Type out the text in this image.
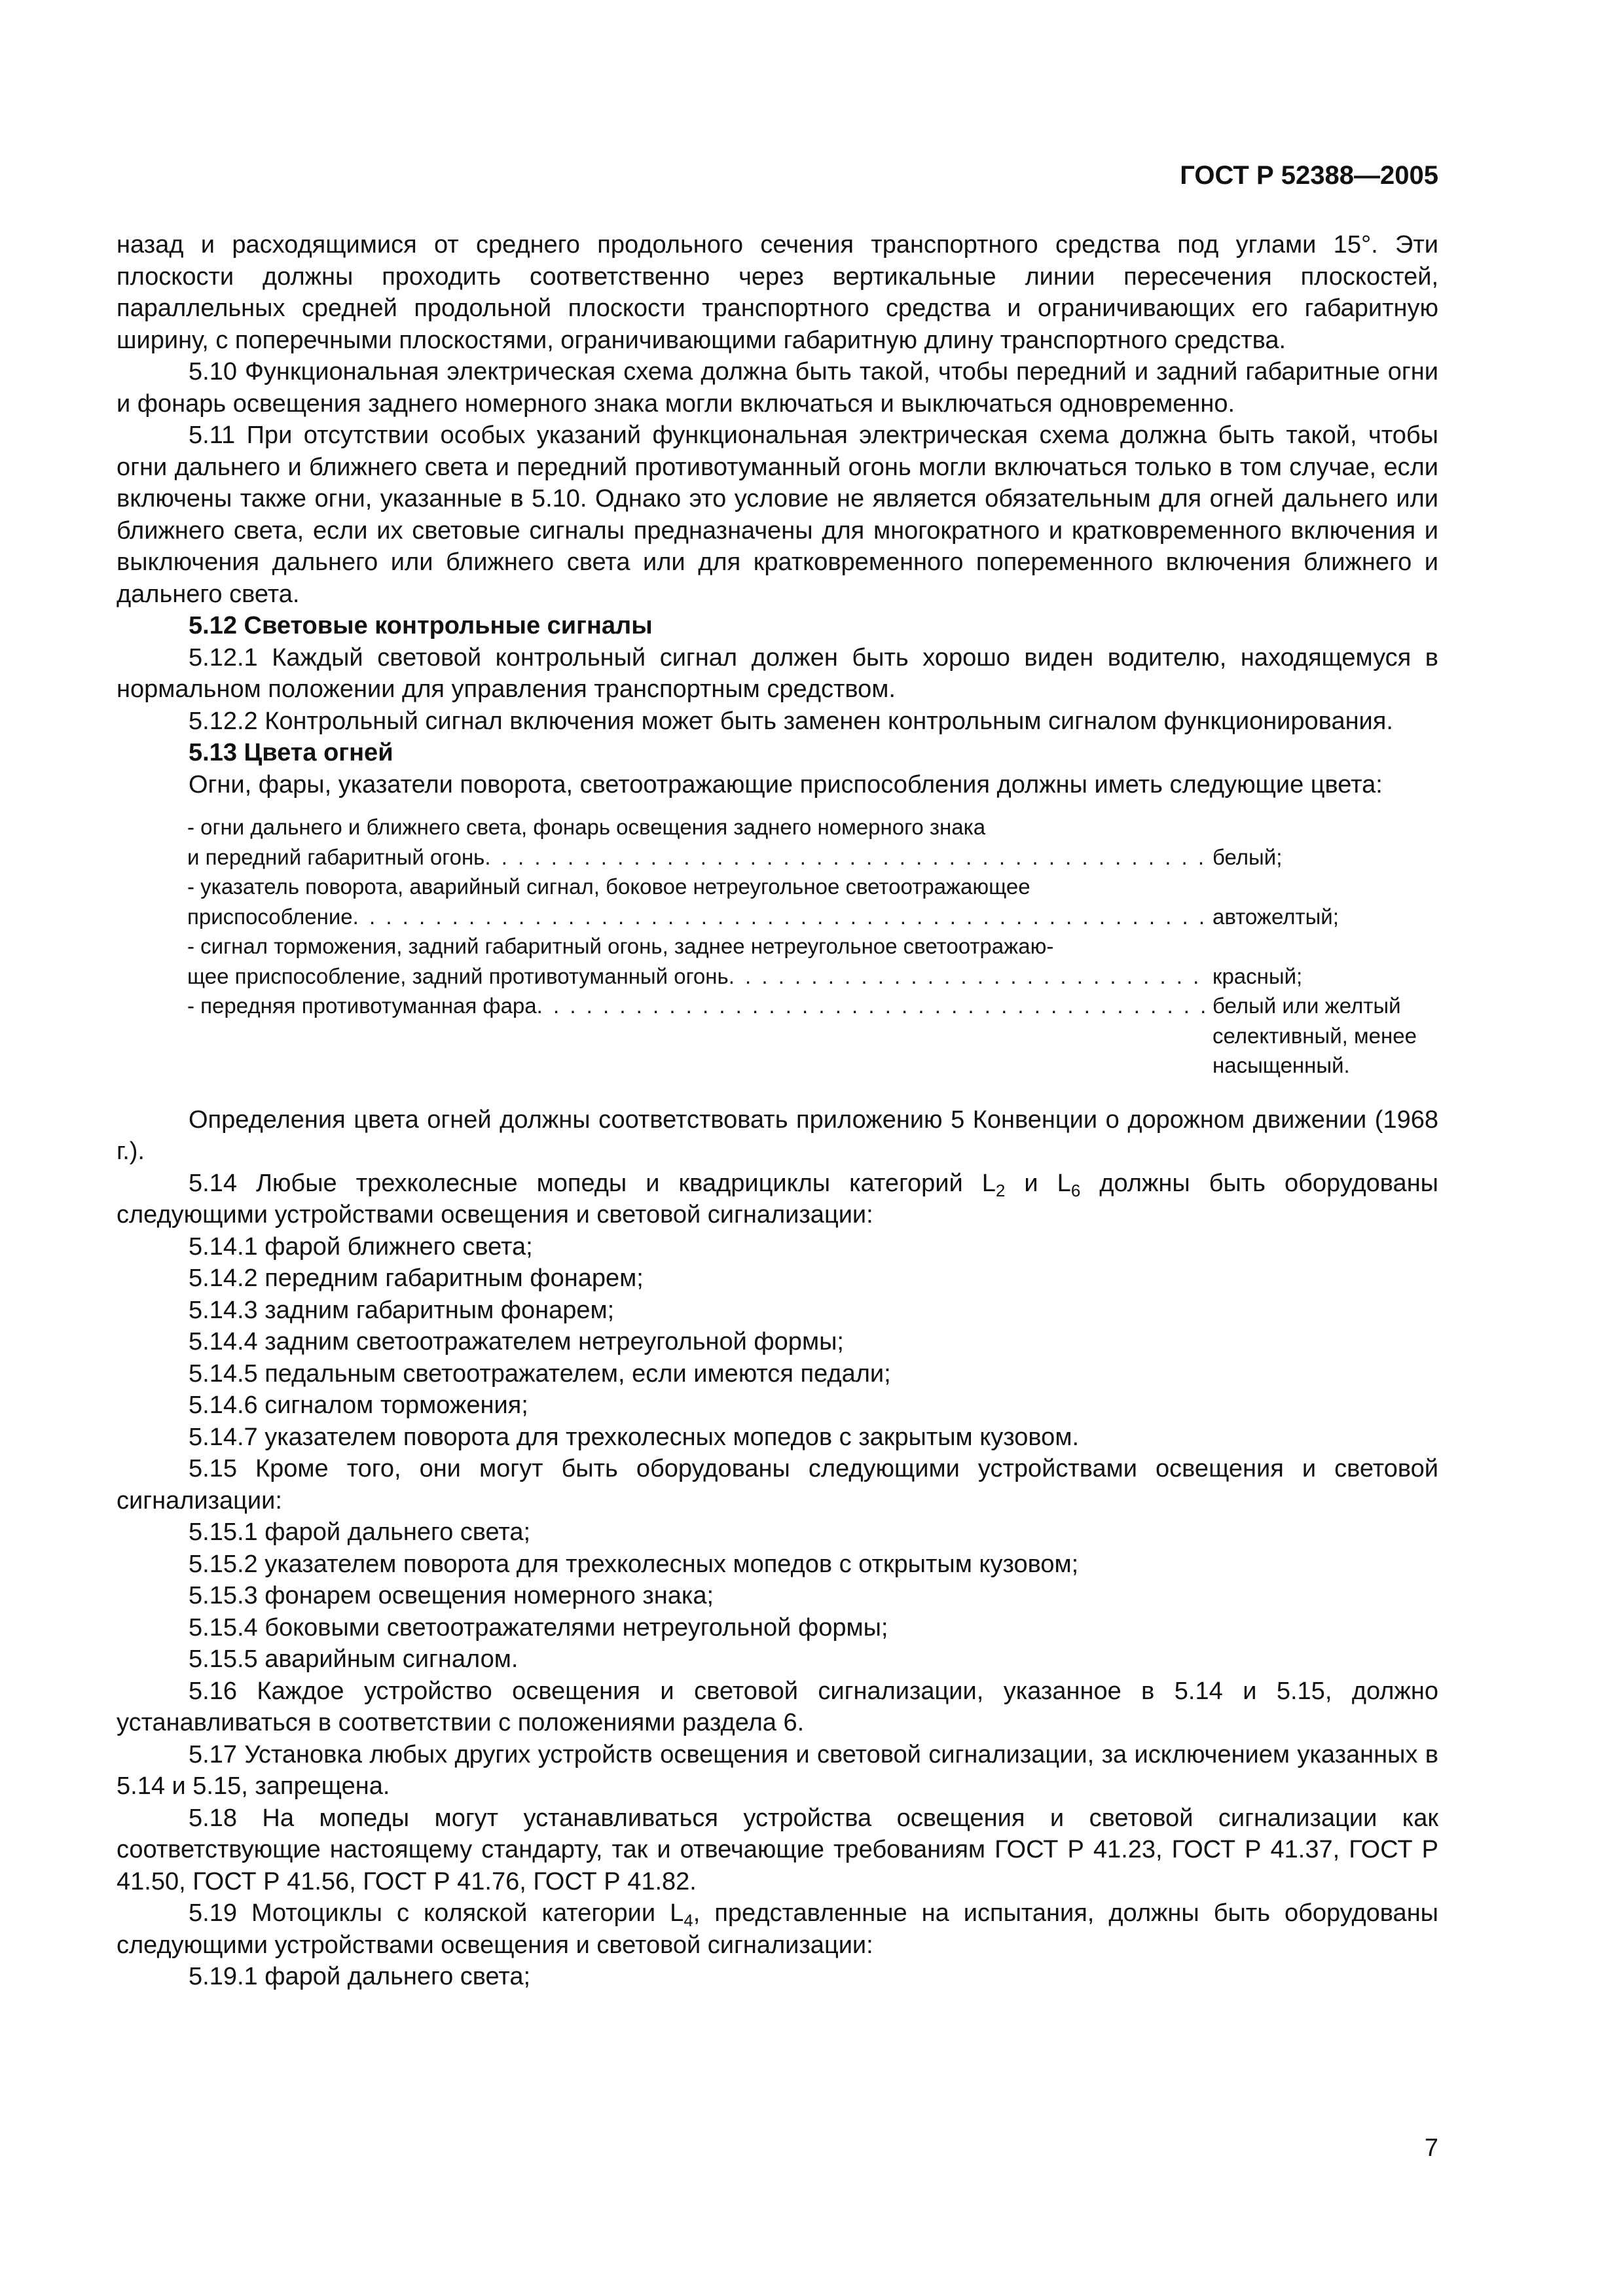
ГОСТ Р 52388—2005

назад и расходящимися от среднего продольного сечения транспортного средства под углами 15°. Эти плоскости должны проходить соответственно через вертикальные линии пересечения плоскостей, параллельных средней продольной плоскости транспортного средства и ограничивающих его габаритную ширину, с поперечными плоскостями, ограничивающими габаритную длину транспортного средства.

5.10 Функциональная электрическая схема должна быть такой, чтобы передний и задний габаритные огни и фонарь освещения заднего номерного знака могли включаться и выключаться одновременно.

5.11 При отсутствии особых указаний функциональная электрическая схема должна быть такой, чтобы огни дальнего и ближнего света и передний противотуманный огонь могли включаться только в том случае, если включены также огни, указанные в 5.10. Однако это условие не является обязательным для огней дальнего или ближнего света, если их световые сигналы предназначены для многократного и кратковременного включения и выключения дальнего или ближнего света или для кратковременного попеременного включения ближнего и дальнего света.

5.12 Световые контрольные сигналы

5.12.1 Каждый световой контрольный сигнал должен быть хорошо виден водителю, находящемуся в нормальном положении для управления транспортным средством.

5.12.2 Контрольный сигнал включения может быть заменен контрольным сигналом функционирования.

5.13 Цвета огней

Огни, фары, указатели поворота, светоотражающие приспособления должны иметь следующие цвета:

- огни дальнего и ближнего света, фонарь освещения заднего номерного знака
и передний габаритный огонь . . .
	белый;
- указатель поворота, аварийный сигнал, боковое нетреугольное светоотражающее
приспособление . . .
	автожелтый;
- сигнал торможения, задний габаритный огонь, заднее нетреугольное светоотражаю-
щее приспособление, задний противотуманный огонь . . .
	красный;
- передняя противотуманная фара . . .	белый или желтый селективный, менее насыщенный.

Определения цвета огней должны соответствовать приложению 5 Конвенции о дорожном движении (1968 г.).

5.14 Любые трехколесные мопеды и квадрициклы категорий $L_2$ и $L_6$ должны быть оборудованы следующими устройствами освещения и световой сигнализации:

5.14.1 фарой ближнего света;

5.14.2 передним габаритным фонарем;

5.14.3 задним габаритным фонарем;

5.14.4 задним светоотражателем нетреугольной формы;

5.14.5 педальным светоотражателем, если имеются педали;

5.14.6 сигналом торможения;

5.14.7 указателем поворота для трехколесных мопедов с закрытым кузовом.

5.15 Кроме того, они могут быть оборудованы следующими устройствами освещения и световой сигнализации:

5.15.1 фарой дальнего света;

5.15.2 указателем поворота для трехколесных мопедов с открытым кузовом;

5.15.3 фонарем освещения номерного знака;

5.15.4 боковыми светоотражателями нетреугольной формы;

5.15.5 аварийным сигналом.

5.16 Каждое устройство освещения и световой сигнализации, указанное в 5.14 и 5.15, должно устанавливаться в соответствии с положениями раздела 6.

5.17 Установка любых других устройств освещения и световой сигнализации, за исключением указанных в 5.14 и 5.15, запрещена.

5.18 На мопеды могут устанавливаться устройства освещения и световой сигнализации как соответствующие настоящему стандарту, так и отвечающие требованиям ГОСТ Р 41.23, ГОСТ Р 41.37, ГОСТ Р 41.50, ГОСТ Р 41.56, ГОСТ Р 41.76, ГОСТ Р 41.82.

5.19 Мотоциклы с коляской категории $L_4$, представленные на испытания, должны быть оборудованы следующими устройствами освещения и световой сигнализации:

5.19.1 фарой дальнего света;

7
